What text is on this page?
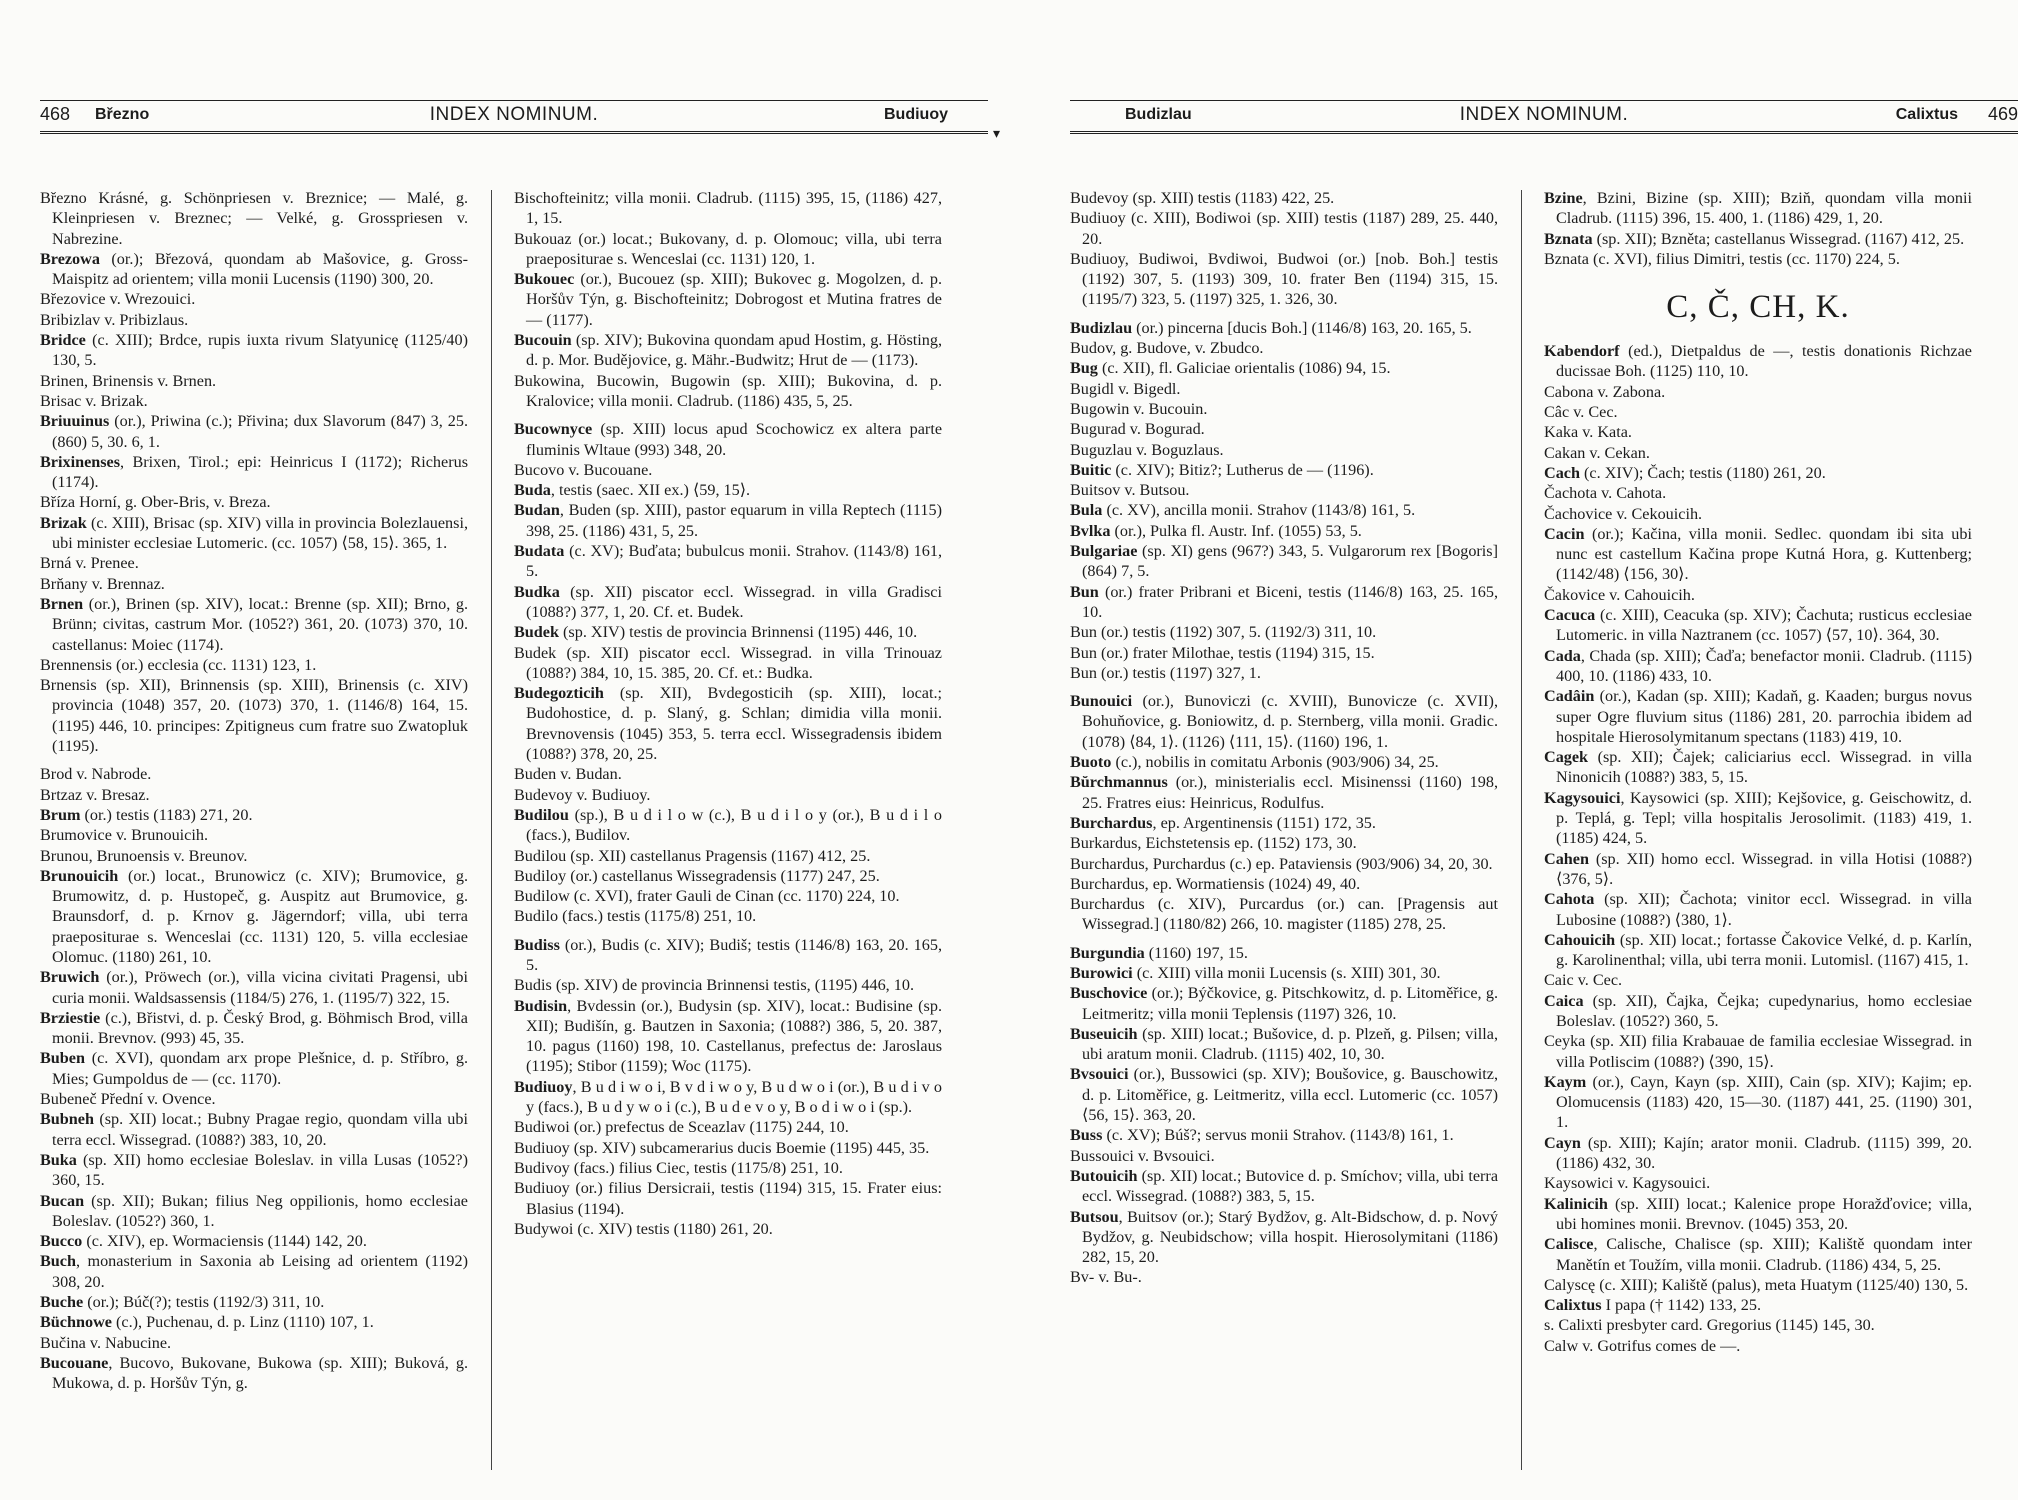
468 Březno	INDEX NOMINUM.	Budiuoy
Březno Krásné, g. Schönpriesen v. Breznice; — Malé, g. Kleinpriesen v. Breznec; — Velké, g. Grosspriesen v. Nabrezine.
Brezowa (or.); Březová, quondam ab Mašovice, g. Gross-Maispitz ad orientem; villa monii Lucensis (1190) 300, 20.
Březovice v. Wrezouici.
Bribizlav v. Pribizlaus.
Bridce (c. XIII); Brdce, rupis iuxta rivum Slatyunicę (1125/40) 130, 5.
Brinen, Brinensis v. Brnen.
Brisac v. Brizak.
Briuuinus (or.), Priwina (c.); Přivina; dux Slavorum (847) 3, 25. (860) 5, 30. 6, 1.
Brixinenses, Brixen, Tirol.; epi: Heinricus I (1172); Richerus (1174).
Bříza Horní, g. Ober-Bris, v. Breza.
Brizak (c. XIII), Brisac (sp. XIV) villa in provincia Bolezlauensi, ubi minister ecclesiae Lutomeric. (cc. 1057) ⟨58, 15⟩. 365, 1.
Brná v. Prenee.
Brňany v. Brennaz.
Brnen (or.), Brinen (sp. XIV), locat.: Brenne (sp. XII); Brno, g. Brünn; civitas, castrum Mor. (1052?) 361, 20. (1073) 370, 10. castellanus: Moiec (1174).
Brennensis (or.) ecclesia (cc. 1131) 123, 1.
Brnensis (sp. XII), Brinnensis (sp. XIII), Brinensis (c. XIV) provincia (1048) 357, 20. (1073) 370, 1. (1146/8) 164, 15. (1195) 446, 10. principes: Zpitigneus cum fratre suo Zwatopluk (1195).
Brod v. Nabrode.
Brtzaz v. Bresaz.
Brum (or.) testis (1183) 271, 20.
Brumovice v. Brunouicih.
Brunou, Brunoensis v. Breunov.
Brunouicih (or.) locat., Brunowicz (c. XIV); Brumovice, g. Brumowitz, d. p. Hustopeč, g. Auspitz aut Brumovice, g. Braunsdorf, d. p. Krnov g. Jägerndorf; villa, ubi terra praepositurae s. Wenceslai (cc. 1131) 120, 5. villa ecclesiae Olomuc. (1180) 261, 10.
Bruwich (or.), Pröwech (or.), villa vicina civitati Pragensi, ubi curia monii. Waldsassensis (1184/5) 276, 1. (1195/7) 322, 15.
Brziestie (c.), Břistvi, d. p. Český Brod, g. Böhmisch Brod, villa monii. Brevnov. (993) 45, 35.
Buben (c. XVI), quondam arx prope Plešnice, d. p. Stříbro, g. Mies; Gumpoldus de — (cc. 1170).
Bubeneč Přední v. Ovence.
Bubneh (sp. XII) locat.; Bubny Pragae regio, quondam villa ubi terra eccl. Wissegrad. (1088?) 383, 10, 20.
Buka (sp. XII) homo ecclesiae Boleslav. in villa Lusas (1052?) 360, 15.
Bucan (sp. XII); Bukan; filius Neg oppilionis, homo ecclesiae Boleslav. (1052?) 360, 1.
Bucco (c. XIV), ep. Wormaciensis (1144) 142, 20.
Buch, monasterium in Saxonia ab Leising ad orientem (1192) 308, 20.
Buche (or.); Búč(?); testis (1192/3) 311, 10.
Büchnowe (c.), Puchenau, d. p. Linz (1110) 107, 1.
Bučina v. Nabucine.
Bucouane, Bucovo, Bukovane, Bukowa (sp. XIII); Buková, g. Mukowa, d. p. Horšův Týn, g.
Bischofteinitz; villa monii. Cladrub. (1115) 395, 15, (1186) 427, 1, 15.
Bukouaz (or.) locat.; Bukovany, d. p. Olomouc; villa, ubi terra praepositurae s. Wenceslai (cc. 1131) 120, 1.
Bukouec (or.), Bucouez (sp. XIII); Bukovec g. Mogolzen, d. p. Horšův Týn, g. Bischofteinitz; Dobrogost et Mutina fratres de — (1177).
Bucouin (sp. XIV); Bukovina quondam apud Hostim, g. Hösting, d. p. Mor. Budějovice, g. Mähr.-Budwitz; Hrut de — (1173).
Bukowina, Bucowin, Bugowin (sp. XIII); Bukovina, d. p. Kralovice; villa monii. Cladrub. (1186) 435, 5, 25.
Bucownyce (sp. XIII) locus apud Scochowicz ex altera parte fluminis Wltaue (993) 348, 20.
Bucovo v. Bucouane.
Buda, testis (saec. XII ex.) ⟨59, 15⟩.
Budan, Buden (sp. XIII), pastor equarum in villa Reptech (1115) 398, 25. (1186) 431, 5, 25.
Budata (c. XV); Buďata; bubulcus monii. Strahov. (1143/8) 161, 5.
Budka (sp. XII) piscator eccl. Wissegrad. in villa Gradisci (1088?) 377, 1, 20. Cf. et. Budek.
Budek (sp. XIV) testis de provincia Brinnensi (1195) 446, 10.
Budek (sp. XII) piscator eccl. Wissegrad. in villa Trinouaz (1088?) 384, 10, 15. 385, 20. Cf. et.: Budka.
Budegozticih (sp. XII), Bvdegosticih (sp. XIII), locat.; Budohostice, d. p. Slaný, g. Schlan; dimidia villa monii. Brevnovensis (1045) 353, 5. terra eccl. Wissegradensis ibidem (1088?) 378, 20, 25.
Buden v. Budan.
Budevoy v. Budiuoy.
Budilou (sp.), B u d i l o w (c.), B u d i l o y (or.), B u d i l o (facs.), Budilov.
Budilou (sp. XII) castellanus Pragensis (1167) 412, 25.
Budiloy (or.) castellanus Wissegradensis (1177) 247, 25.
Budilow (c. XVI), frater Gauli de Cinan (cc. 1170) 224, 10.
Budilo (facs.) testis (1175/8) 251, 10.
Budiss (or.), Budis (c. XIV); Budiš; testis (1146/8) 163, 20. 165, 5.
Budis (sp. XIV) de provincia Brinnensi testis, (1195) 446, 10.
Budisin, Bvdessin (or.), Budysin (sp. XIV), locat.: Budisine (sp. XII); Budišín, g. Bautzen in Saxonia; (1088?) 386, 5, 20. 387, 10. pagus (1160) 198, 10. Castellanus, prefectus de: Jaroslaus (1195); Stibor (1159); Woc (1175).
Budiuoy, B u d i w o i, B v d i w o y, B u d w o i (or.), B u d i v o y (facs.), B u d y w o i (c.), B u d e v o y, B o d i w o i (sp.).
Budiwoi (or.) prefectus de Sceazlav (1175) 244, 10.
Budiuoy (sp. XIV) subcamerarius ducis Boemie (1195) 445, 35.
Budivoy (facs.) filius Ciec, testis (1175/8) 251, 10.
Budiuoy (or.) filius Dersicraii, testis (1194) 315, 15. Frater eius: Blasius (1194).
Budywoi (c. XIV) testis (1180) 261, 20.
▾
Budizlau	INDEX NOMINUM.	Calixtus 469
Budevoy (sp. XIII) testis (1183) 422, 25.
Budiuoy (c. XIII), Bodiwoi (sp. XIII) testis (1187) 289, 25. 440, 20.
Budiuoy, Budiwoi, Bvdiwoi, Budwoi (or.) [nob. Boh.] testis (1192) 307, 5. (1193) 309, 10. frater Ben (1194) 315, 15. (1195/7) 323, 5. (1197) 325, 1. 326, 30.
Budizlau (or.) pincerna [ducis Boh.] (1146/8) 163, 20. 165, 5.
Budov, g. Budove, v. Zbudco.
Bug (c. XII), fl. Galiciae orientalis (1086) 94, 15.
Bugidl v. Bigedl.
Bugowin v. Bucouin.
Bugurad v. Bogurad.
Buguzlau v. Boguzlaus.
Buitic (c. XIV); Bitiz?; Lutherus de — (1196).
Buitsov v. Butsou.
Bula (c. XV), ancilla monii. Strahov (1143/8) 161, 5.
Bvlka (or.), Pulka fl. Austr. Inf. (1055) 53, 5.
Bulgariae (sp. XI) gens (967?) 343, 5. Vulgarorum rex [Bogoris] (864) 7, 5.
Bun (or.) frater Pribrani et Biceni, testis (1146/8) 163, 25. 165, 10.
Bun (or.) testis (1192) 307, 5. (1192/3) 311, 10.
Bun (or.) frater Milothae, testis (1194) 315, 15.
Bun (or.) testis (1197) 327, 1.
Bunouici (or.), Bunoviczi (c. XVIII), Bunovicze (c. XVII), Bohuňovice, g. Boniowitz, d. p. Sternberg, villa monii. Gradic. (1078) ⟨84, 1⟩. (1126) ⟨111, 15⟩. (1160) 196, 1.
Buoto (c.), nobilis in comitatu Arbonis (903/906) 34, 25.
Bŭrchmannus (or.), ministerialis eccl. Misinenssi (1160) 198, 25. Fratres eius: Heinricus, Rodulfus.
Burchardus, ep. Argentinensis (1151) 172, 35.
Burkardus, Eichstetensis ep. (1152) 173, 30.
Burchardus, Purchardus (c.) ep. Pataviensis (903/906) 34, 20, 30.
Burchardus, ep. Wormatiensis (1024) 49, 40.
Burchardus (c. XIV), Purcardus (or.) can. [Pragensis aut Wissegrad.] (1180/82) 266, 10. magister (1185) 278, 25.
Burgundia (1160) 197, 15.
Burowici (c. XIII) villa monii Lucensis (s. XIII) 301, 30.
Buschovice (or.); Býčkovice, g. Pitschkowitz, d. p. Litoměřice, g. Leitmeritz; villa monii Teplensis (1197) 326, 10.
Buseuicih (sp. XIII) locat.; Bušovice, d. p. Plzeň, g. Pilsen; villa, ubi aratum monii. Cladrub. (1115) 402, 10, 30.
Bvsouici (or.), Bussowici (sp. XIV); Boušovice, g. Bauschowitz, d. p. Litoměřice, g. Leitmeritz, villa eccl. Lutomeric (cc. 1057) ⟨56, 15⟩. 363, 20.
Buss (c. XV); Búš?; servus monii Strahov. (1143/8) 161, 1.
Bussouici v. Bvsouici.
Butouicih (sp. XII) locat.; Butovice d. p. Smíchov; villa, ubi terra eccl. Wissegrad. (1088?) 383, 5, 15.
Butsou, Buitsov (or.); Starý Bydžov, g. Alt-Bidschow, d. p. Nový Bydžov, g. Neubidschow; villa hospit. Hierosolymitani (1186) 282, 15, 20.
Bv- v. Bu-.
Bzine, Bzini, Bizine (sp. XIII); Bziň, quondam villa monii Cladrub. (1115) 396, 15. 400, 1. (1186) 429, 1, 20.
Bznata (sp. XII); Bzněta; castellanus Wissegrad. (1167) 412, 25.
Bznata (c. XVI), filius Dimitri, testis (cc. 1170) 224, 5.
C, Č, CH, K.
Kabendorf (ed.), Dietpaldus de —, testis donationis Richzae ducissae Boh. (1125) 110, 10.
Cabona v. Zabona.
Câc v. Cec.
Kaka v. Kata.
Cakan v. Cekan.
Cach (c. XIV); Čach; testis (1180) 261, 20.
Čachota v. Cahota.
Čachovice v. Cekouicih.
Cacin (or.); Kačina, villa monii. Sedlec. quondam ibi sita ubi nunc est castellum Kačina prope Kutná Hora, g. Kuttenberg; (1142/48) ⟨156, 30⟩.
Čakovice v. Cahouicih.
Cacuca (c. XIII), Ceacuka (sp. XIV); Čachuta; rusticus ecclesiae Lutomeric. in villa Naztranem (cc. 1057) ⟨57, 10⟩. 364, 30.
Cada, Chada (sp. XIII); Čaďa; benefactor monii. Cladrub. (1115) 400, 10. (1186) 433, 10.
Cadâin (or.), Kadan (sp. XIII); Kadaň, g. Kaaden; burgus novus super Ogre fluvium situs (1186) 281, 20. parrochia ibidem ad hospitale Hierosolymitanum spectans (1183) 419, 10.
Cagek (sp. XII); Čajek; caliciarius eccl. Wissegrad. in villa Ninonicih (1088?) 383, 5, 15.
Kagysouici, Kaysowici (sp. XIII); Kejšovice, g. Geischowitz, d. p. Teplá, g. Tepl; villa hospitalis Jerosolimit. (1183) 419, 1. (1185) 424, 5.
Cahen (sp. XII) homo eccl. Wissegrad. in villa Hotisi (1088?) ⟨376, 5⟩.
Cahota (sp. XII); Čachota; vinitor eccl. Wissegrad. in villa Lubosine (1088?) ⟨380, 1⟩.
Cahouicih (sp. XII) locat.; fortasse Čakovice Velké, d. p. Karlín, g. Karolinenthal; villa, ubi terra monii. Lutomisl. (1167) 415, 1.
Caic v. Cec.
Caica (sp. XII), Čajka, Čejka; cupedynarius, homo ecclesiae Boleslav. (1052?) 360, 5.
Ceyka (sp. XII) filia Krabauae de familia ecclesiae Wissegrad. in villa Potliscim (1088?) ⟨390, 15⟩.
Kaym (or.), Cayn, Kayn (sp. XIII), Cain (sp. XIV); Kajim; ep. Olomucensis (1183) 420, 15—30. (1187) 441, 25. (1190) 301, 1.
Cayn (sp. XIII); Kajín; arator monii. Cladrub. (1115) 399, 20. (1186) 432, 30.
Kaysowici v. Kagysouici.
Kalinicih (sp. XIII) locat.; Kalenice prope Horažďovice; villa, ubi homines monii. Brevnov. (1045) 353, 20.
Calisce, Calische, Chalisce (sp. XIII); Kaliště quondam inter Manětín et Toužím, villa monii. Cladrub. (1186) 434, 5, 25.
Calyscę (c. XIII); Kaliště (palus), meta Huatym (1125/40) 130, 5.
Calixtus I papa († 1142) 133, 25.
s. Calixti presbyter card. Gregorius (1145) 145, 30.
Calw v. Gotrifus comes de —.
